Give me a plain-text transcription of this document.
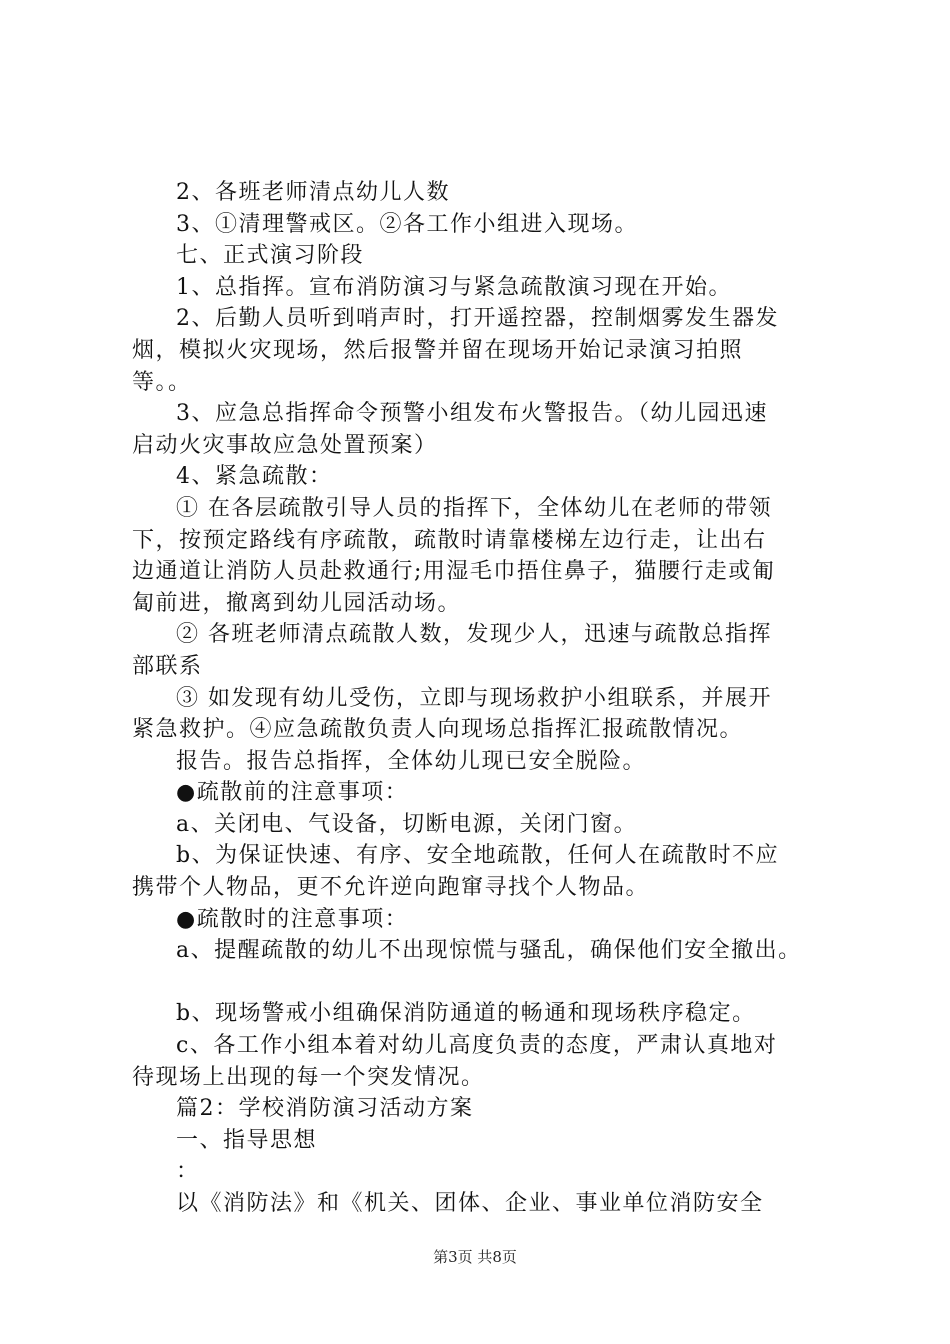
2、各班老师清点幼儿人数
3、①清理警戒区。②各工作小组进入现场。
七、正式演习阶段
1、总指挥。宣布消防演习与紧急疏散演习现在开始。
2、后勤人员听到哨声时，打开遥控器，控制烟雾发生器发
烟，模拟火灾现场，然后报警并留在现场开始记录演习拍照
等。。
3、应急总指挥命令预警小组发布火警报告。（幼儿园迅速
启动火灾事故应急处置预案）
4、紧急疏散：
① 在各层疏散引导人员的指挥下，全体幼儿在老师的带领
下，按预定路线有序疏散，疏散时请靠楼梯左边行走，让出右
边通道让消防人员赴救通行;用湿毛巾捂住鼻子，猫腰行走或匍
匐前进，撤离到幼儿园活动场。
② 各班老师清点疏散人数，发现少人，迅速与疏散总指挥
部联系
③ 如发现有幼儿受伤，立即与现场救护小组联系，并展开
紧急救护。④应急疏散负责人向现场总指挥汇报疏散情况。
报告。报告总指挥，全体幼儿现已安全脱险。
●疏散前的注意事项：
a、关闭电、气设备，切断电源，关闭门窗。
b、为保证快速、有序、安全地疏散，任何人在疏散时不应
携带个人物品，更不允许逆向跑窜寻找个人物品。
●疏散时的注意事项：
a、提醒疏散的幼儿不出现惊慌与骚乱，确保他们安全撤出。
b、现场警戒小组确保消防通道的畅通和现场秩序稳定。
c、各工作小组本着对幼儿高度负责的态度，严肃认真地对
待现场上出现的每一个突发情况。
篇2：学校消防演习活动方案
一、指导思想
：
以《消防法》和《机关、团体、企业、事业单位消防安全
第3页 共8页
